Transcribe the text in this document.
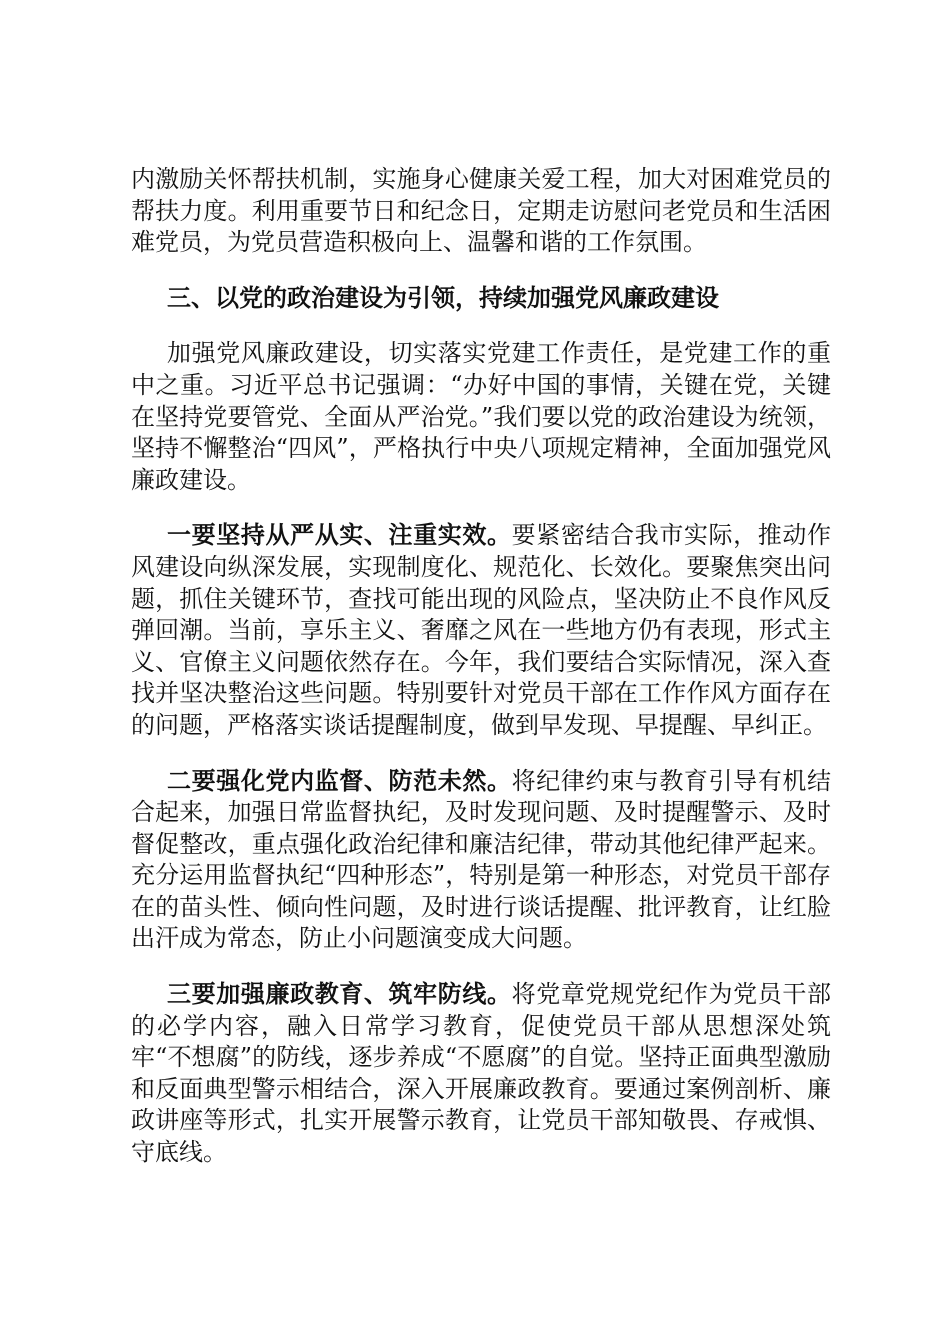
内激励关怀帮扶机制，实施身心健康关爱工程，加大对困难党员的帮扶力度。利用重要节日和纪念日，定期走访慰问老党员和生活困难党员，为党员营造积极向上、温馨和谐的工作氛围。

三、以党的政治建设为引领，持续加强党风廉政建设

加强党风廉政建设，切实落实党建工作责任，是党建工作的重中之重。习近平总书记强调：“办好中国的事情，关键在党，关键在坚持党要管党、全面从严治党。”我们要以党的政治建设为统领，坚持不懈整治“四风”，严格执行中央八项规定精神，全面加强党风廉政建设。

一要坚持从严从实、注重实效。要紧密结合我市实际，推动作风建设向纵深发展，实现制度化、规范化、长效化。要聚焦突出问题，抓住关键环节，查找可能出现的风险点，坚决防止不良作风反弹回潮。当前，享乐主义、奢靡之风在一些地方仍有表现，形式主义、官僚主义问题依然存在。今年，我们要结合实际情况，深入查找并坚决整治这些问题。特别要针对党员干部在工作作风方面存在的问题，严格落实谈话提醒制度，做到早发现、早提醒、早纠正。

二要强化党内监督、防范未然。将纪律约束与教育引导有机结合起来，加强日常监督执纪，及时发现问题、及时提醒警示、及时督促整改，重点强化政治纪律和廉洁纪律，带动其他纪律严起来。充分运用监督执纪“四种形态”，特别是第一种形态，对党员干部存在的苗头性、倾向性问题，及时进行谈话提醒、批评教育，让红脸出汗成为常态，防止小问题演变成大问题。

三要加强廉政教育、筑牢防线。将党章党规党纪作为党员干部的必学内容，融入日常学习教育，促使党员干部从思想深处筑牢“不想腐”的防线，逐步养成“不愿腐”的自觉。坚持正面典型激励和反面典型警示相结合，深入开展廉政教育。要通过案例剖析、廉政讲座等形式，扎实开展警示教育，让党员干部知敬畏、存戒惧、守底线。
